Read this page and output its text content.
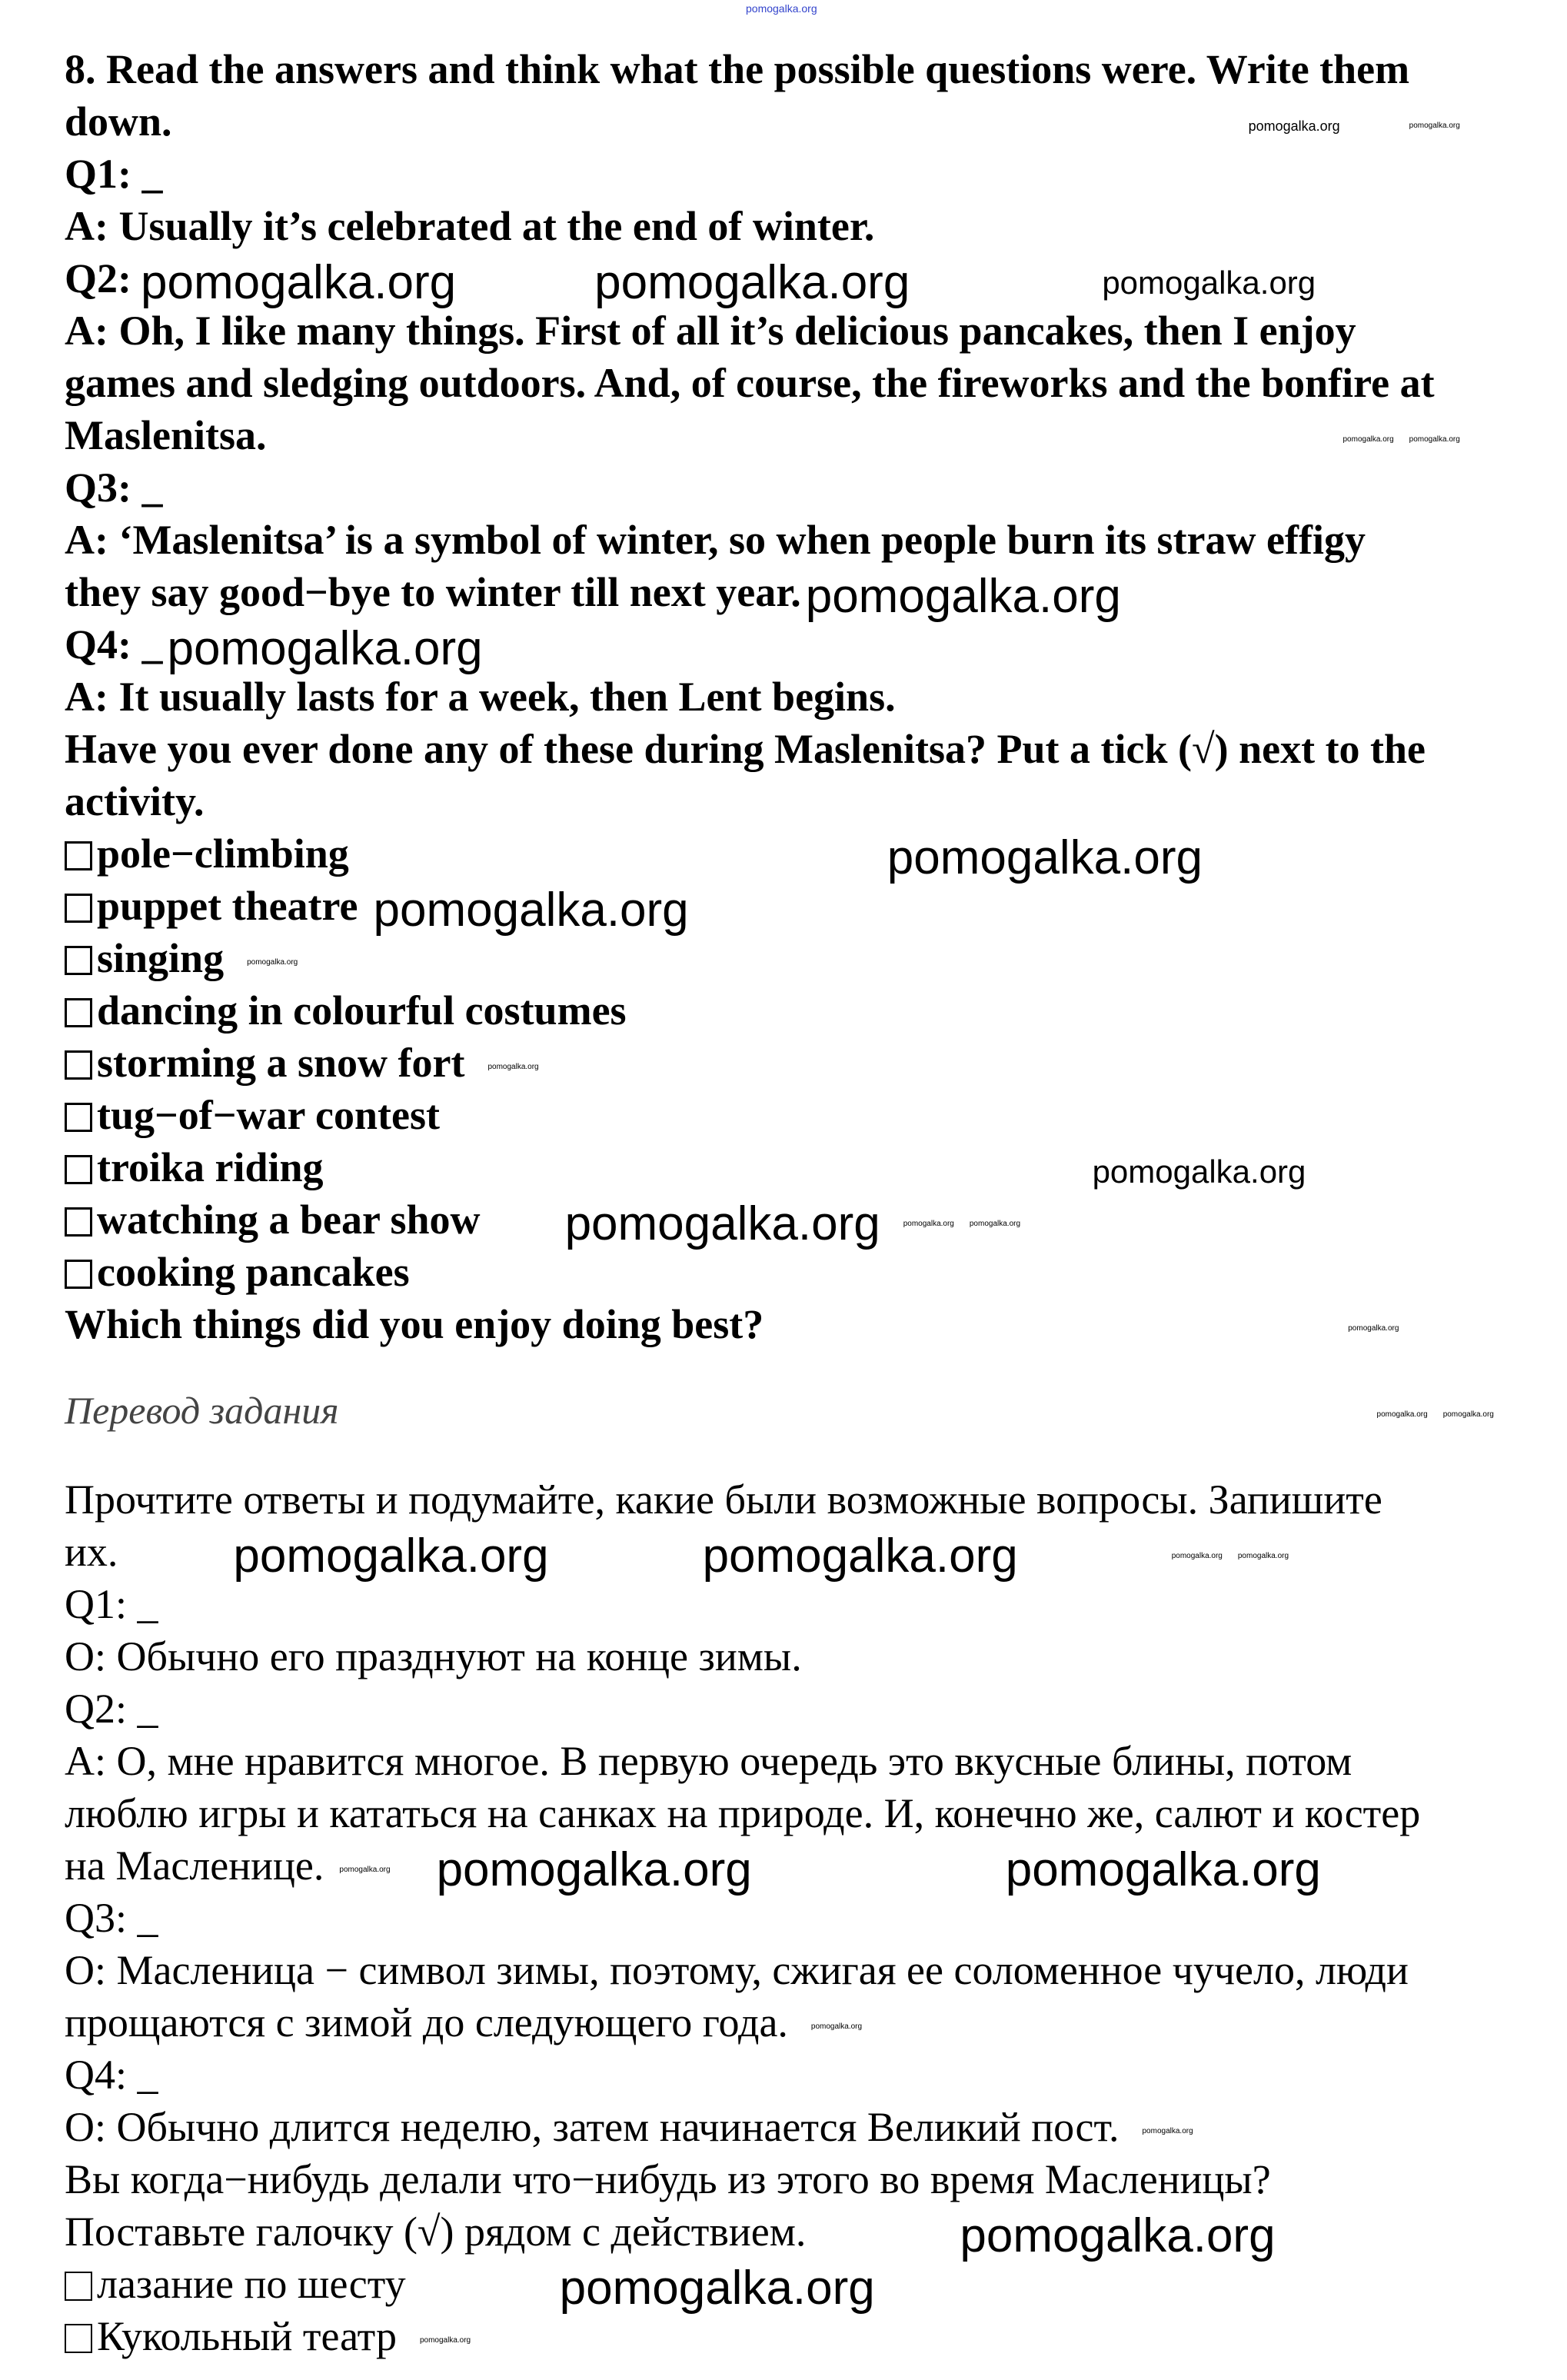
pomogalka.org
8. Read the answers and think what the possible questions were. Write them
down.	pomogalka.org	pomogalka.org
Q1: _
A: Usually it’s celebrated at the end of winter.
Q2: pomogalka.org	pomogalka.org	pomogalka.org
A: Oh, I like many things. First of all it’s delicious pancakes, then I enjoy
games and sledging outdoors. And, of course, the fireworks and the bonfire at
Maslenitsa.	pomogalka.org pomogalka.org
Q3: _
A: ‘Maslenitsa’ is a symbol of winter, so when people burn its straw effigy
they say good−bye to winter till next year.pomogalka.org
Q4: _pomogalka.org
A: It usually lasts for a week, then Lent begins.
Have you ever done any of these during Maslenitsa? Put a tick (√) next to the
activity.
pole−climbing	pomogalka.org
puppet theatre pomogalka.org
singing	pomogalka.org
dancing in colourful costumes
storming a snow fort	pomogalka.org
tug−of−war contest
troika riding	pomogalka.org
watching a bear show pomogalka.org	pomogalka.org pomogalka.org
cooking pancakes
Which things did you enjoy doing best?	pomogalka.org
Перевод задания	pomogalka.org pomogalka.org
Прочтите ответы и подумайте, какие были возможные вопросы. Запишите
их. pomogalka.org	pomogalka.org	pomogalka.org pomogalka.org
Q1: _
О: Обычно его празднуют на конце зимы.
Q2: _
А: О, мне нравится многое. В первую очередь это вкусные блины, потом
люблю игры и кататься на санках на природе. И, конечно же, салют и костер
на Масленице. pomogalka.org pomogalka.org	pomogalka.org
Q3: _
О: Масленица − символ зимы, поэтому, сжигая ее соломенное чучело, люди
прощаются с зимой до следующего года.	pomogalka.org
Q4: _
О: Обычно длится неделю, затем начинается Великий пост.	pomogalka.org
Вы когда−нибудь делали что−нибудь из этого во время Масленицы?
Поставьте галочку (√) рядом с действием.	pomogalka.org
лазание по шесту	pomogalka.org
Кукольный театр	pomogalka.org
